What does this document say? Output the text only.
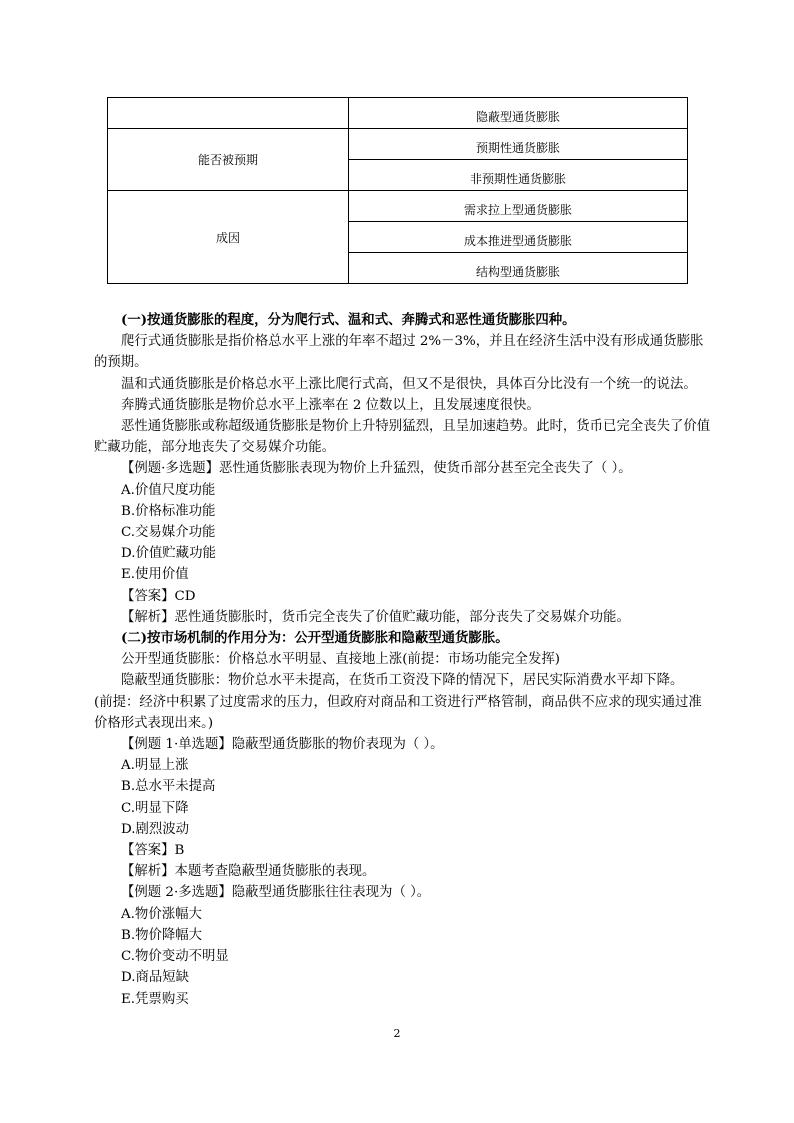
	隐蔽型通货膨胀
能否被预期	预期性通货膨胀
	非预期性通货膨胀
成因	需求拉上型通货膨胀
	成本推进型通货膨胀
	结构型通货膨胀

(一)按通货膨胀的程度，分为爬行式、温和式、奔腾式和恶性通货膨胀四种。

爬行式通货膨胀是指价格总水平上涨的年率不超过 2%－3%，并且在经济生活中没有形成通货膨胀的预期。

温和式通货膨胀是价格总水平上涨比爬行式高，但又不是很快，具体百分比没有一个统一的说法。

奔腾式通货膨胀是物价总水平上涨率在 2 位数以上，且发展速度很快。

恶性通货膨胀或称超级通货膨胀是物价上升特别猛烈，且呈加速趋势。此时，货币已完全丧失了价值贮藏功能，部分地丧失了交易媒介功能。

【例题·多选题】恶性通货膨胀表现为物价上升猛烈，使货币部分甚至完全丧失了（ ）。

A.价值尺度功能

B.价格标准功能

C.交易媒介功能

D.价值贮藏功能

E.使用价值

【答案】CD

【解析】恶性通货膨胀时，货币完全丧失了价值贮藏功能，部分丧失了交易媒介功能。

(二)按市场机制的作用分为：公开型通货膨胀和隐蔽型通货膨胀。

公开型通货膨胀：价格总水平明显、直接地上涨(前提：市场功能完全发挥)

隐蔽型通货膨胀：物价总水平未提高，在货币工资没下降的情况下，居民实际消费水平却下降。

(前提：经济中积累了过度需求的压力，但政府对商品和工资进行严格管制，商品供不应求的现实通过准价格形式表现出来。)

【例题 1·单选题】隐蔽型通货膨胀的物价表现为（ ）。

A.明显上涨

B.总水平未提高

C.明显下降

D.剧烈波动

【答案】B

【解析】本题考查隐蔽型通货膨胀的表现。

【例题 2·多选题】隐蔽型通货膨胀往往表现为（ ）。

A.物价涨幅大

B.物价降幅大

C.物价变动不明显

D.商品短缺

E.凭票购买

2
